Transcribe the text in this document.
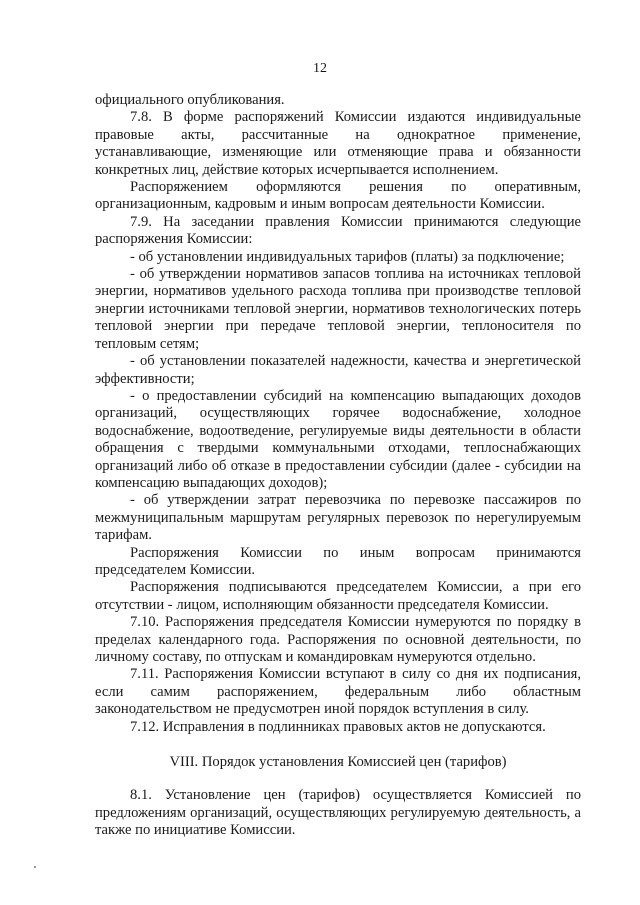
12

официального опубликования.

7.8. В форме распоряжений Комиссии издаются индивидуальные правовые акты, рассчитанные на однократное применение, устанавливающие, изменяющие или отменяющие права и обязанности конкретных лиц, действие которых исчерпывается исполнением.

Распоряжением оформляются решения по оперативным, организационным, кадровым и иным вопросам деятельности Комиссии.

7.9. На заседании правления Комиссии принимаются следующие распоряжения Комиссии:

- об установлении индивидуальных тарифов (платы) за подключение;

- об утверждении нормативов запасов топлива на источниках тепловой энергии, нормативов удельного расхода топлива при производстве тепловой энергии источниками тепловой энергии, нормативов технологических потерь тепловой энергии при передаче тепловой энергии, теплоносителя по тепловым сетям;

- об установлении показателей надежности, качества и энергетической эффективности;

- о предоставлении субсидий на компенсацию выпадающих доходов организаций, осуществляющих горячее водоснабжение, холодное водоснабжение, водоотведение, регулируемые виды деятельности в области обращения с твердыми коммунальными отходами, теплоснабжающих организаций либо об отказе в предоставлении субсидии (далее - субсидии на компенсацию выпадающих доходов);

- об утверждении затрат перевозчика по перевозке пассажиров по межмуниципальным маршрутам регулярных перевозок по нерегулируемым тарифам.

Распоряжения Комиссии по иным вопросам принимаются председателем Комиссии.

Распоряжения подписываются председателем Комиссии, а при его отсутствии - лицом, исполняющим обязанности председателя Комиссии.

7.10. Распоряжения председателя Комиссии нумеруются по порядку в пределах календарного года. Распоряжения по основной деятельности, по личному составу, по отпускам и командировкам нумеруются отдельно.

7.11. Распоряжения Комиссии вступают в силу со дня их подписания, если самим распоряжением, федеральным либо областным законодательством не предусмотрен иной порядок вступления в силу.

7.12. Исправления в подлинниках правовых актов не допускаются.

VIII. Порядок установления Комиссией цен (тарифов)

8.1. Установление цен (тарифов) осуществляется Комиссией по предложениям организаций, осуществляющих регулируемую деятельность, а также по инициативе Комиссии.
